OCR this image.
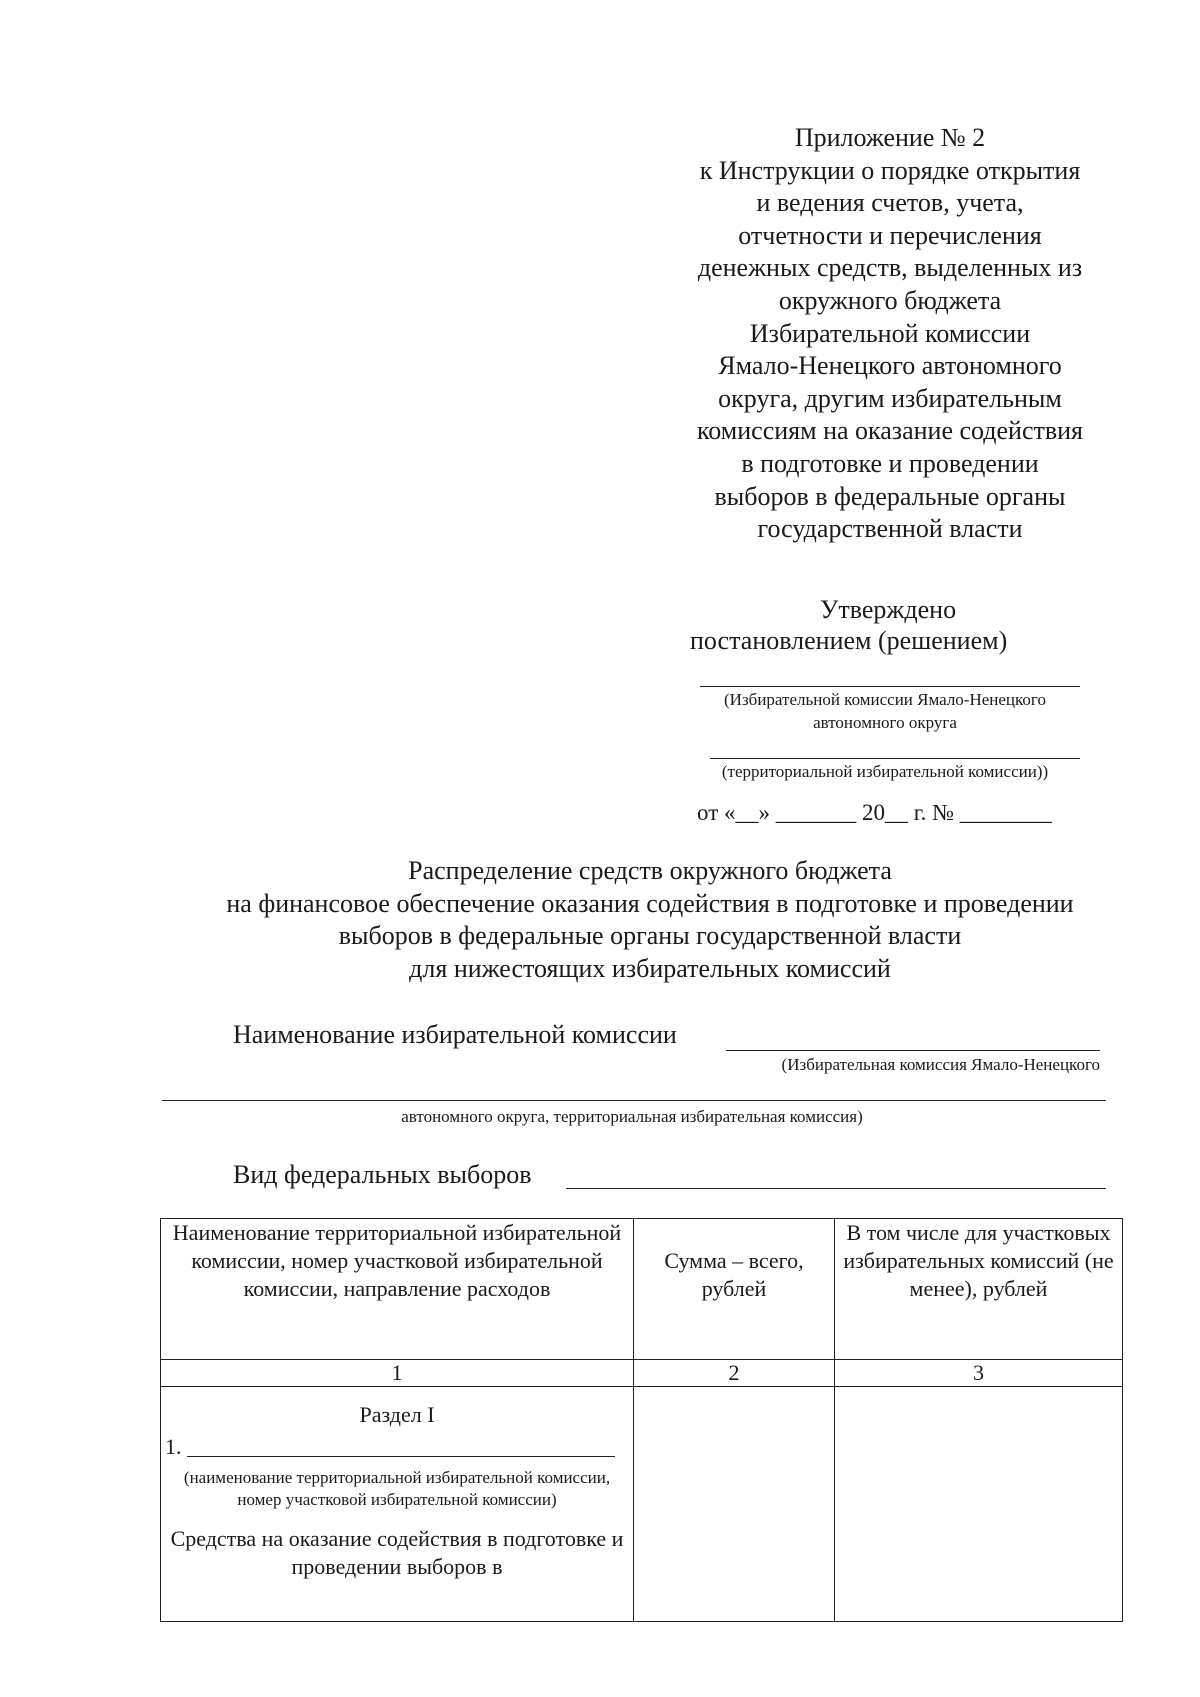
Приложение № 2
к Инструкции о порядке открытия
и ведения счетов, учета,
отчетности и перечисления
денежных средств, выделенных из
окружного бюджета
Избирательной комиссии
Ямало-Ненецкого автономного
округа, другим избирательным
комиссиям на оказание содействия
в подготовке и проведении
выборов в федеральные органы
государственной власти
Утверждено
постановлением (решением)
(Избирательной комиссии Ямало-Ненецкого
автономного округа
(территориальной избирательной комиссии))
от «__» _______ 20__ г. № ________
Распределение средств окружного бюджета
на финансовое обеспечение оказания содействия в подготовке и проведении
выборов в федеральные органы государственной власти
для нижестоящих избирательных комиссий
Наименование избирательной комиссии
(Избирательная комиссия Ямало-Ненецкого
автономного округа, территориальная избирательная комиссия)
Вид федеральных выборов
Наименование территориальной избирательной комиссии, номер участковой избирательной комиссии, направление расходов	Сумма – всего, рублей	В том числе для участковых избирательных комиссий (не менее), рублей
1	2	3

Раздел I
1.
(наименование территориальной избирательной комиссии, номер участковой избирательной комиссии)
Средства на оказание содействия в подготовке и проведении выборов в		
